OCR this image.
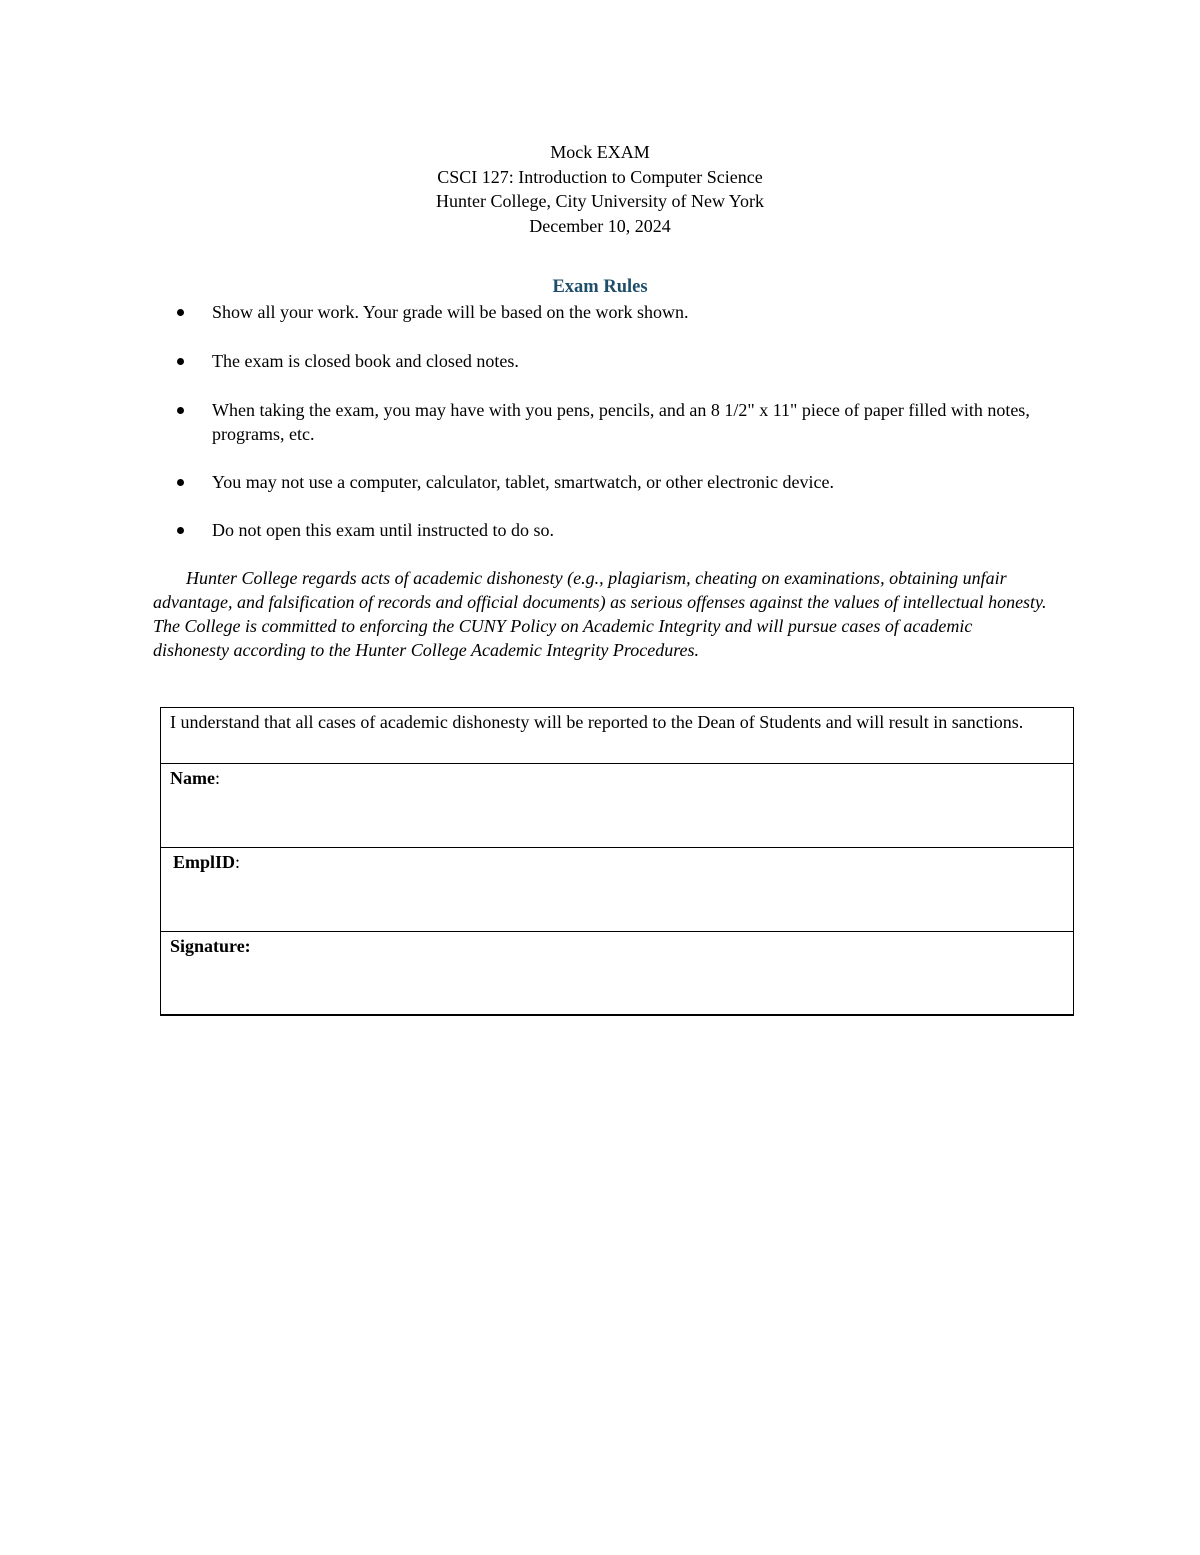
Mock EXAM
CSCI 127: Introduction to Computer Science
Hunter College, City University of New York
December 10, 2024
Exam Rules
Show all your work. Your grade will be based on the work shown.
The exam is closed book and closed notes.
When taking the exam, you may have with you pens, pencils, and an 8 1/2" x 11" piece of paper filled with notes, programs, etc.
You may not use a computer, calculator, tablet, smartwatch, or other electronic device.
Do not open this exam until instructed to do so.
Hunter College regards acts of academic dishonesty (e.g., plagiarism, cheating on examinations, obtaining unfair advantage, and falsification of records and official documents) as serious offenses against the values of intellectual honesty. The College is committed to enforcing the CUNY Policy on Academic Integrity and will pursue cases of academic dishonesty according to the Hunter College Academic Integrity Procedures.
I understand that all cases of academic dishonesty will be reported to the Dean of Students and will result in sanctions.
Name:
EmplID:
Signature:
